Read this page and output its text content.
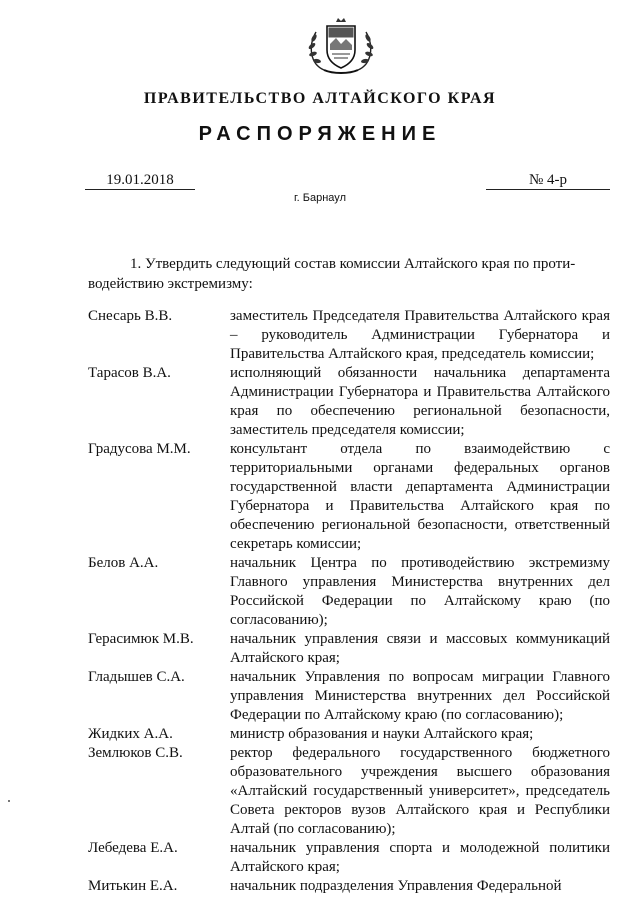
ПРАВИТЕЛЬСТВО АЛТАЙСКОГО КРАЯ
РАСПОРЯЖЕНИЕ
19.01.2018	№ 4-р
г. Барнаул
1. Утвердить следующий состав комиссии Алтайского края по проти-
водействию экстремизму:
Снесарь В.В.	заместитель Председателя Правительства Алтайского края – руководитель Администрации Губернатора и Правительства Алтайского края, председатель комиссии;
Тарасов В.А.	исполняющий обязанности начальника департамента Администрации Губернатора и Правительства Алтайского края по обеспечению региональной безопасности, заместитель председателя комиссии;
Градусова М.М.	консультант отдела по взаимодействию с территориальными органами федеральных органов государственной власти департамента Администрации Губернатора и Правительства Алтайского края по обеспечению региональной безопасности, ответственный секретарь комиссии;
Белов А.А.	начальник Центра по противодействию экстремизму Главного управления Министерства внутренних дел Российской Федерации по Алтайскому краю (по согласованию);
Герасимюк М.В.	начальник управления связи и массовых коммуникаций Алтайского края;
Гладышев С.А.	начальник Управления по вопросам миграции Главного управления Министерства внутренних дел Российской Федерации по Алтайскому краю (по согласованию);
Жидких А.А.	министр образования и науки Алтайского края;
Землюков С.В.	ректор федерального государственного бюджетного образовательного учреждения высшего образования «Алтайский государственный университет», председатель Совета ректоров вузов Алтайского края и Республики Алтай (по согласованию);
Лебедева Е.А.	начальник управления спорта и молодежной политики Алтайского края;
Митькин Е.А.	начальник подразделения Управления Федеральной
